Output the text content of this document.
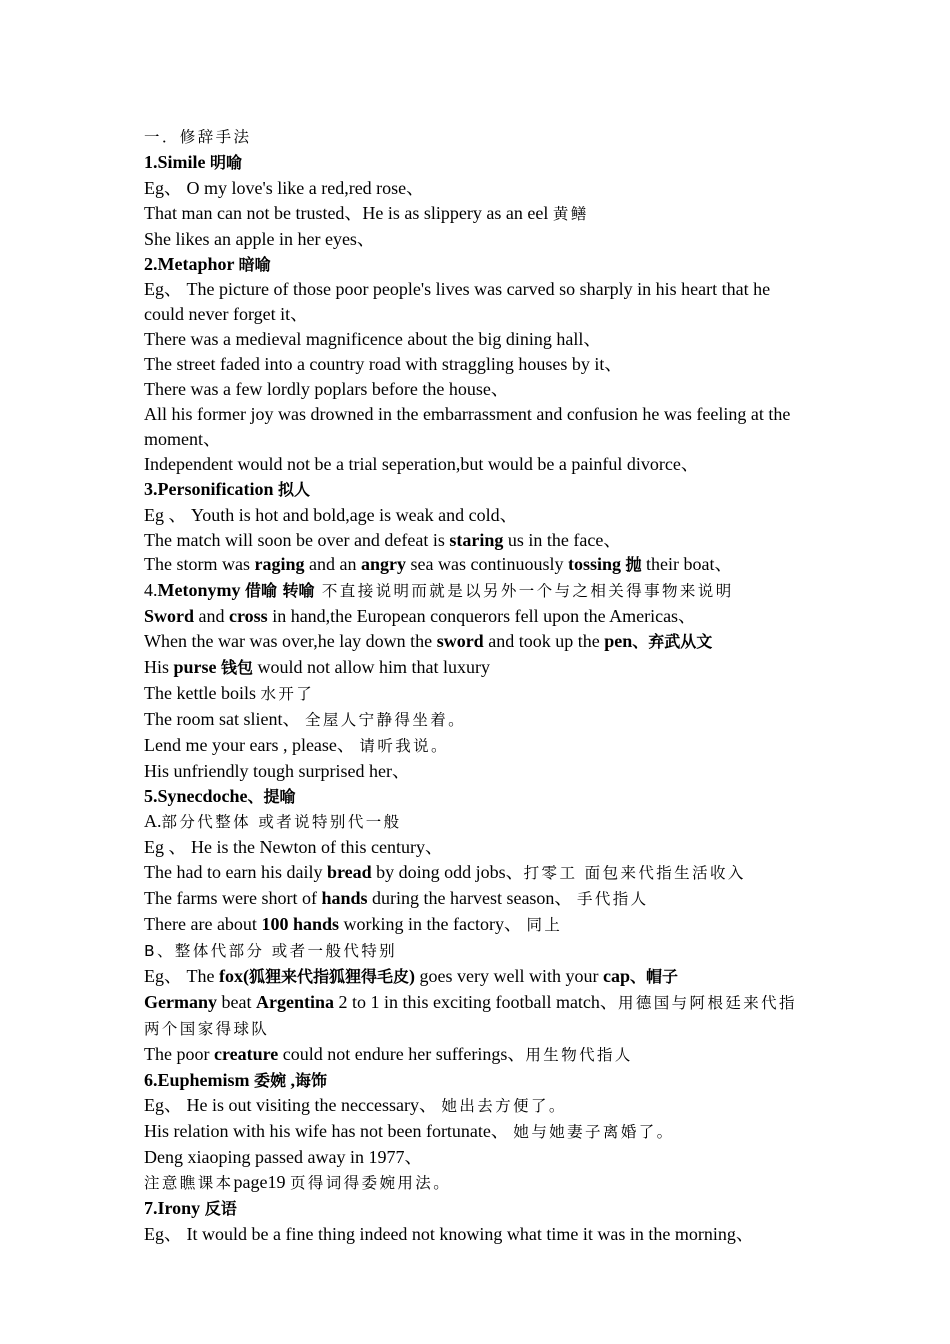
一．修辞手法
1.Simile 明喻
Eg、 O my love's like a red,red rose、
That man can not be trusted、He is as slippery as an eel 黄鳝
She likes an apple in her eyes、
2.Metaphor 暗喻
Eg、 The picture of those poor people's lives was carved so sharply in his heart that he could never forget it、
There was a medieval magnificence about the big dining hall、
The street faded into a country road with straggling houses by it、
There was a few lordly poplars before the house、
All his former joy was drowned in the embarrassment and confusion he was feeling at the moment、
Independent would not be a trial seperation,but would be a painful divorce、
3.Personification 拟人
Eg 、 Youth is hot and bold,age is weak and cold、
The match will soon be over and defeat is staring us in the face、
The storm was raging and an angry sea was continuously tossing 抛 their boat、
4.Metonymy 借喻 转喻 不直接说明而就是以另外一个与之相关得事物来说明
Sword and cross in hand,the European conquerors fell upon the Americas、
When the war was over,he lay down the sword and took up the pen、弃武从文
His purse 钱包 would not allow him that luxury
The kettle boils 水开了
The room sat slient、 全屋人宁静得坐着。
Lend me your ears , please、 请听我说。
His unfriendly tough surprised her、
5.Synecdoche、提喻
A.部分代整体 或者说特别代一般
Eg 、 He is the Newton of this century、
The had to earn his daily bread by doing odd jobs、打零工 面包来代指生活收入
The farms were short of hands during the harvest season、 手代指人
There are about 100 hands working in the factory、 同上
B、整体代部分 或者一般代特别
Eg、 The fox(狐狸来代指狐狸得毛皮) goes very well with your cap、帽子
Germany beat Argentina 2 to 1 in this exciting football match、用德国与阿根廷来代指两个国家得球队
The poor creature could not endure her sufferings、用生物代指人
6.Euphemism 委婉 ,诲饰
Eg、 He is out visiting the neccessary、 她出去方便了。
His relation with his wife has not been fortunate、 她与她妻子离婚了。
Deng xiaoping passed away in 1977、
注意瞧课本page19 页得词得委婉用法。
7.Irony 反语
Eg、 It would be a fine thing indeed not knowing what time it was in the morning、
